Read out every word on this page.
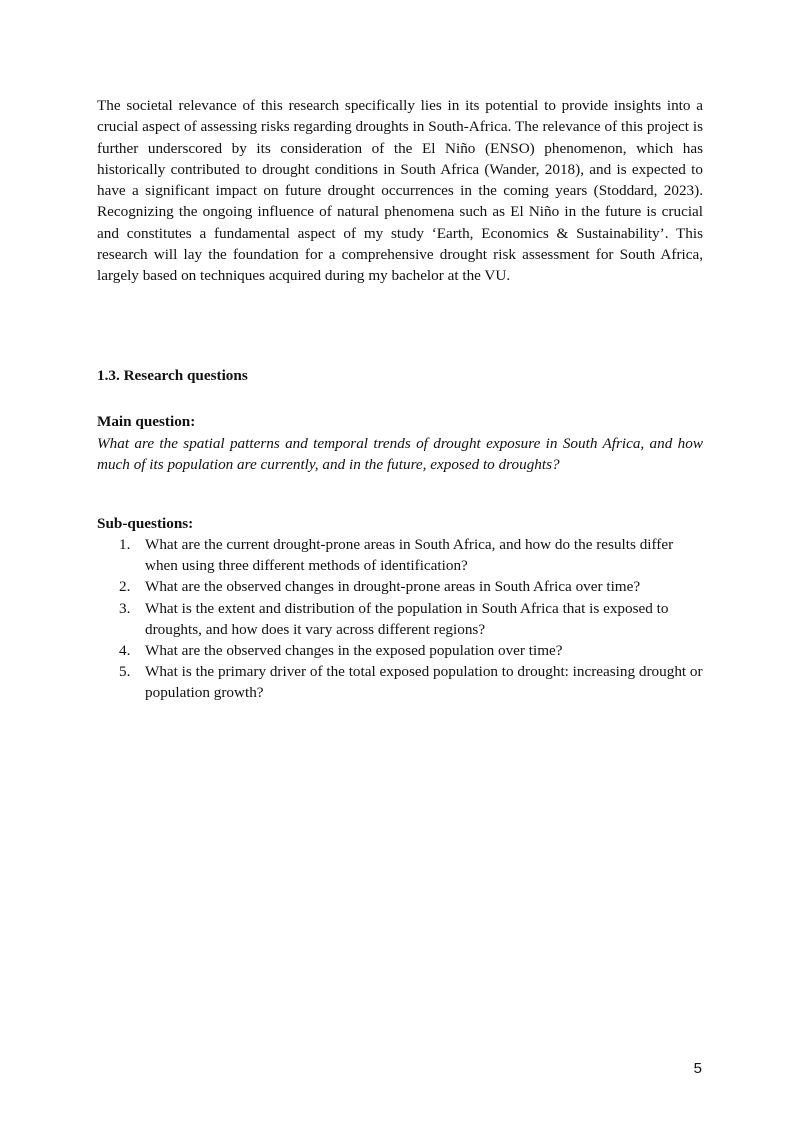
The societal relevance of this research specifically lies in its potential to provide insights into a crucial aspect of assessing risks regarding droughts in South-Africa. The relevance of this project is further underscored by its consideration of the El Niño (ENSO) phenomenon, which has historically contributed to drought conditions in South Africa (Wander, 2018), and is expected to have a significant impact on future drought occurrences in the coming years (Stoddard, 2023). Recognizing the ongoing influence of natural phenomena such as El Niño in the future is crucial and constitutes a fundamental aspect of my study ‘Earth, Economics & Sustainability’. This research will lay the foundation for a comprehensive drought risk assessment for South Africa, largely based on techniques acquired during my bachelor at the VU.

1.3. Research questions

Main question:

What are the spatial patterns and temporal trends of drought exposure in South Africa, and how much of its population are currently, and in the future, exposed to droughts?

Sub-questions:

1. What are the current drought-prone areas in South Africa, and how do the results differ when using three different methods of identification?
2. What are the observed changes in drought-prone areas in South Africa over time?
3. What is the extent and distribution of the population in South Africa that is exposed to droughts, and how does it vary across different regions?
4. What are the observed changes in the exposed population over time?
5. What is the primary driver of the total exposed population to drought: increasing drought or population growth?
5
